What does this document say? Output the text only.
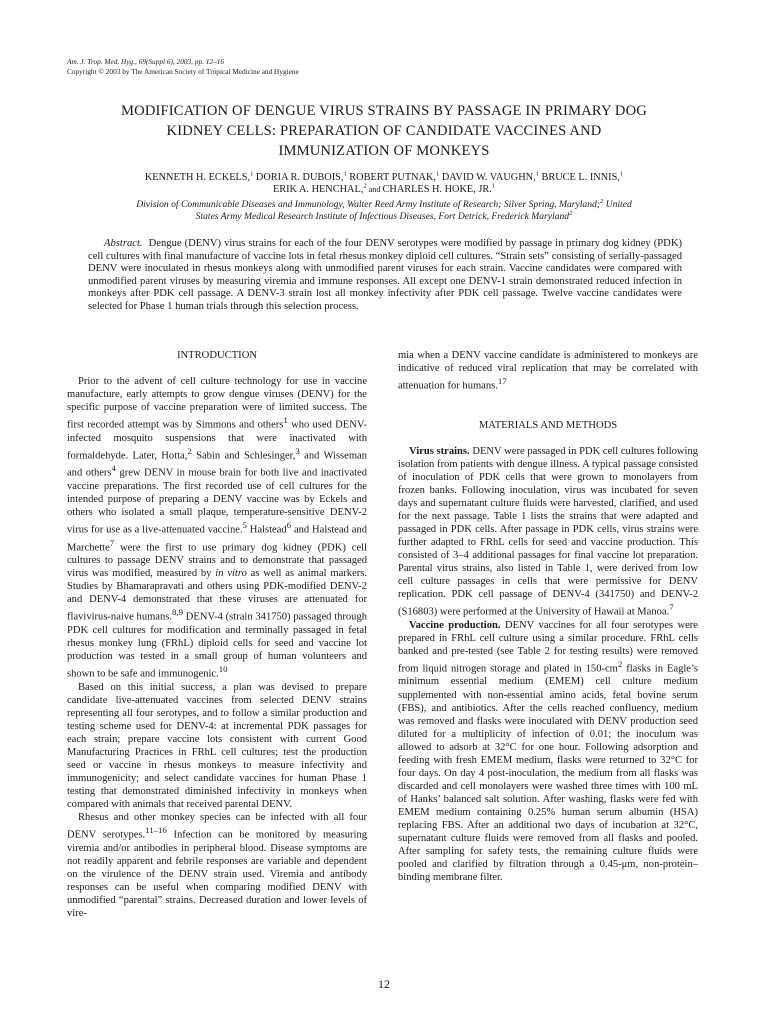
Am. J. Trop. Med. Hyg., 69(Suppl 6), 2003, pp. 12–16
Copyright © 2003 by The American Society of Tropical Medicine and Hygiene
MODIFICATION OF DENGUE VIRUS STRAINS BY PASSAGE IN PRIMARY DOG
KIDNEY CELLS: PREPARATION OF CANDIDATE VACCINES AND
IMMUNIZATION OF MONKEYS
KENNETH H. ECKELS,$^1$ DORIA R. DUBOIS,$^1$ ROBERT PUTNAK,$^1$ DAVID W. VAUGHN,$^1$ BRUCE L. INNIS,$^1$
ERIK A. HENCHAL,$^2$ and CHARLES H. HOKE, JR.$^1$
Division of Communicable Diseases and Immunology, Walter Reed Army Institute of Research; Silver Spring, Maryland;$^2$ United
States Army Medical Research Institute of Infectious Diseases, Fort Detrick, Frederick Maryland$^2$
Abstract. Dengue (DENV) virus strains for each of the four DENV serotypes were modified by passage in primary dog kidney (PDK) cell cultures with final manufacture of vaccine lots in fetal rhesus monkey diploid cell cultures. “Strain sets” consisting of serially-passaged DENV were inoculated in rhesus monkeys along with unmodified parent viruses for each strain. Vaccine candidates were compared with unmodified parent viruses by measuring viremia and immune responses. All except one DENV-1 strain demonstrated reduced infection in monkeys after PDK cell passage. A DENV-3 strain lost all monkey infectivity after PDK cell passage. Twelve vaccine candidates were selected for Phase 1 human trials through this selection process.
INTRODUCTION

Prior to the advent of cell culture technology for use in vaccine manufacture, early attempts to grow dengue viruses (DENV) for the specific purpose of vaccine preparation were of limited success. The first recorded attempt was by Simmons and others$^1$ who used DENV-infected mosquito suspensions that were inactivated with formaldehyde. Later, Hotta,$^2$ Sabin and Schlesinger,$^3$ and Wisseman and others$^4$ grew DENV in mouse brain for both live and inactivated vaccine preparations. The first recorded use of cell cultures for the intended purpose of preparing a DENV vaccine was by Eckels and others who isolated a small plaque, temperature-sensitive DENV-2 virus for use as a live-attenuated vaccine.$^5$ Halstead$^6$ and Halstead and Marchette$^7$ were the first to use primary dog kidney (PDK) cell cultures to passage DENV strains and to demonstrate that passaged virus was modified, measured by in vitro as well as animal markers. Studies by Bhamarapravati and others using PDK-modified DENV-2 and DENV-4 demonstrated that these viruses are attenuated for flavivirus-naive humans.$^{8,9}$ DENV-4 (strain 341750) passaged through PDK cell cultures for modification and terminally passaged in fetal rhesus monkey lung (FRhL) diploid cells for seed and vaccine lot production was tested in a small group of human volunteers and shown to be safe and immunogenic.$^{10}$

Based on this initial success, a plan was devised to prepare candidate live-attenuated vaccines from selected DENV strains representing all four serotypes, and to follow a similar production and testing scheme used for DENV-4: at incremental PDK passages for each strain; prepare vaccine lots consistent with current Good Manufacturing Practices in FRhL cell cultures; test the production seed or vaccine in rhesus monkeys to measure infectivity and immunogenicity; and select candidate vaccines for human Phase 1 testing that demonstrated diminished infectivity in monkeys when compared with animals that received parental DENV.

Rhesus and other monkey species can be infected with all four DENV serotypes.$^{11-16}$ Infection can be monitored by measuring viremia and/or antibodies in peripheral blood. Disease symptoms are not readily apparent and febrile responses are variable and dependent on the virulence of the DENV strain used. Viremia and antibody responses can be useful when comparing modified DENV with unmodified “parental” strains. Decreased duration and lower levels of vire-

mia when a DENV vaccine candidate is administered to monkeys are indicative of reduced viral replication that may be correlated with attenuation for humans.$^{17}$

MATERIALS AND METHODS

Virus strains. DENV were passaged in PDK cell cultures following isolation from patients with dengue illness. A typical passage consisted of inoculation of PDK cells that were grown to monolayers from frozen banks. Following inoculation, virus was incubated for seven days and supernatant culture fluids were harvested, clarified, and used for the next passage. Table 1 lists the strains that were adapted and passaged in PDK cells. After passage in PDK cells, virus strains were further adapted to FRhL cells for seed and vaccine production. This consisted of 3–4 additional passages for final vaccine lot preparation. Parental virus strains, also listed in Table 1, were derived from low cell culture passages in cells that were permissive for DENV replication. PDK cell passage of DENV-4 (341750) and DENV-2 (S16803) were performed at the University of Hawaii at Manoa.$^7$

Vaccine production. DENV vaccines for all four serotypes were prepared in FRhL cell culture using a similar procedure. FRhL cells banked and pre-tested (see Table 2 for testing results) were removed from liquid nitrogen storage and plated in $150-cm^2$ flasks in Eagle’s minimum essential medium (EMEM) cell culture medium supplemented with non-essential amino acids, fetal bovine serum (FBS), and antibiotics. After the cells reached confluency, medium was removed and flasks were inoculated with DENV production seed diluted for a multiplicity of infection of 0.01; the inoculum was allowed to adsorb at 32°C for one hour. Following adsorption and feeding with fresh EMEM medium, flasks were returned to 32°C for four days. On day 4 post-inoculation, the medium from all flasks was discarded and cell monolayers were washed three times with 100 mL of Hanks’ balanced salt solution. After washing, flasks were fed with EMEM medium containing 0.25% human serum albumin (HSA) replacing FBS. After an additional two days of incubation at 32°C, supernatant culture fluids were removed from all flasks and pooled. After sampling for safety tests, the remaining culture fluids were pooled and clarified by filtration through a 0.45-μm, non-protein–binding membrane filter.

12
